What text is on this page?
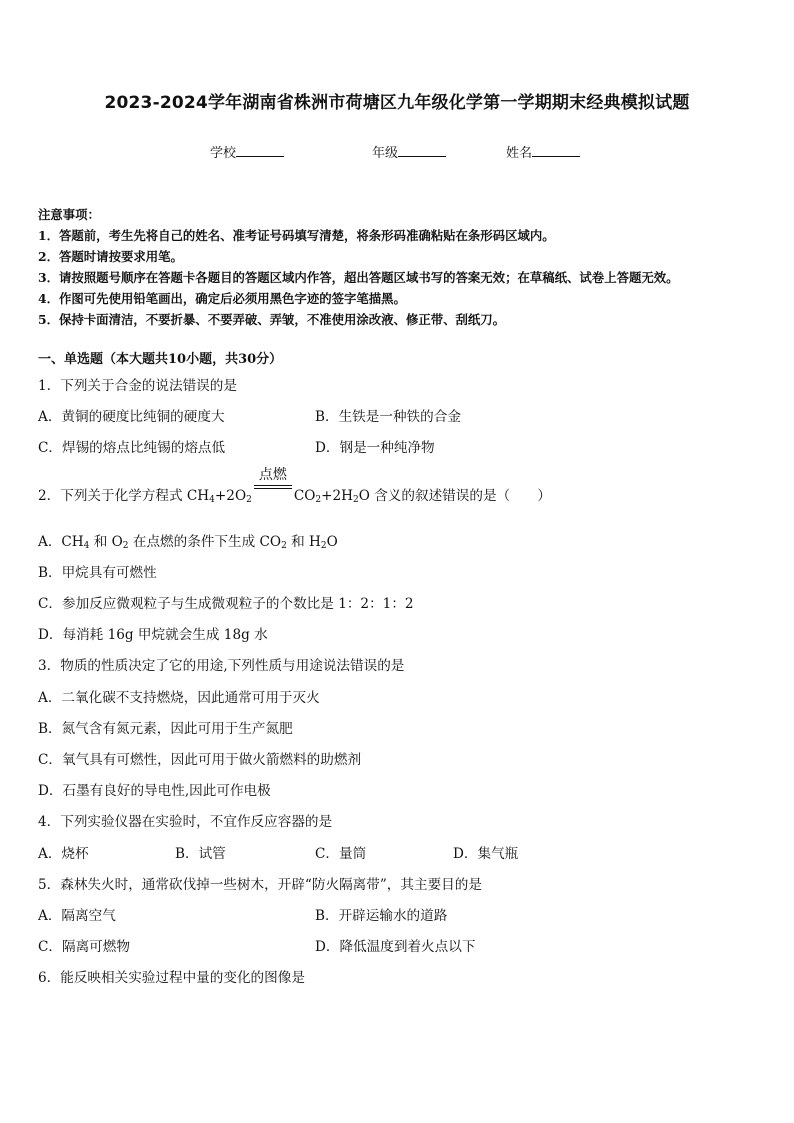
2023-2024学年湖南省株洲市荷塘区九年级化学第一学期期末经典模拟试题
学校	年级	姓名
注意事项：
1．答题前，考生先将自己的姓名、准考证号码填写清楚，将条形码准确粘贴在条形码区域内。
2．答题时请按要求用笔。
3．请按照题号顺序在答题卡各题目的答题区域内作答，超出答题区域书写的答案无效；在草稿纸、试卷上答题无效。
4．作图可先使用铅笔画出，确定后必须用黑色字迹的签字笔描黑。
5．保持卡面清洁，不要折暴、不要弄破、弄皱，不准使用涂改液、修正带、刮纸刀。
一、单选题（本大题共10小题，共30分）
1．下列关于合金的说法错误的是
A．黄铜的硬度比纯铜的硬度大	B．生铁是一种铁的合金
C．焊锡的熔点比纯锡的熔点低	D．钢是一种纯净物
2．下列关于化学方程式 $CH_4+2O_2$
点燃
$CO_2+2H_2O$ 含义的叙述错误的是（　　）
A．$CH_4$ 和 $O_2$ 在点燃的条件下生成 $CO_2$ 和 $H_2O$
B．甲烷具有可燃性
C．参加反应微观粒子与生成微观粒子的个数比是 1：2：1：2
D．每消耗 16g 甲烷就会生成 18g 水
3．物质的性质决定了它的用途,下列性质与用途说法错误的是
A．二氧化碳不支持燃烧，因此通常可用于灭火
B．氮气含有氮元素，因此可用于生产氮肥
C．氧气具有可燃性，因此可用于做火箭燃料的助燃剂
D．石墨有良好的导电性,因此可作电极
4．下列实验仪器在实验时，不宜作反应容器的是
A．烧杯	B．试管	C．量筒	D．集气瓶
5．森林失火时，通常砍伐掉一些树木，开辟“防火隔离带”，其主要目的是
A．隔离空气	B．开辟运输水的道路
C．隔离可燃物	D．降低温度到着火点以下
6．能反映相关实验过程中量的变化的图像是
